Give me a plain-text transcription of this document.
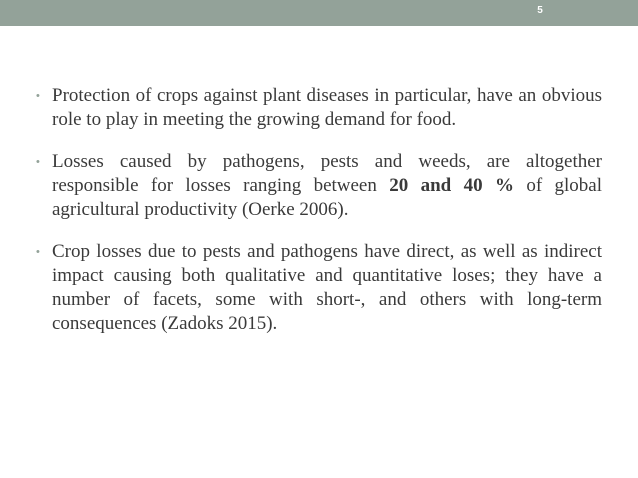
5
• Protection of crops against plant diseases in particular, have an obvious role to play in meeting the growing demand for food.
• Losses caused by pathogens, pests and weeds, are altogether responsible for losses ranging between 20 and 40 % of global agricultural productivity (Oerke 2006).
• Crop losses due to pests and pathogens have direct, as well as indirect impact causing both qualitative and quantitative loses; they have a number of facets, some with short-, and others with long-term consequences (Zadoks 2015).
